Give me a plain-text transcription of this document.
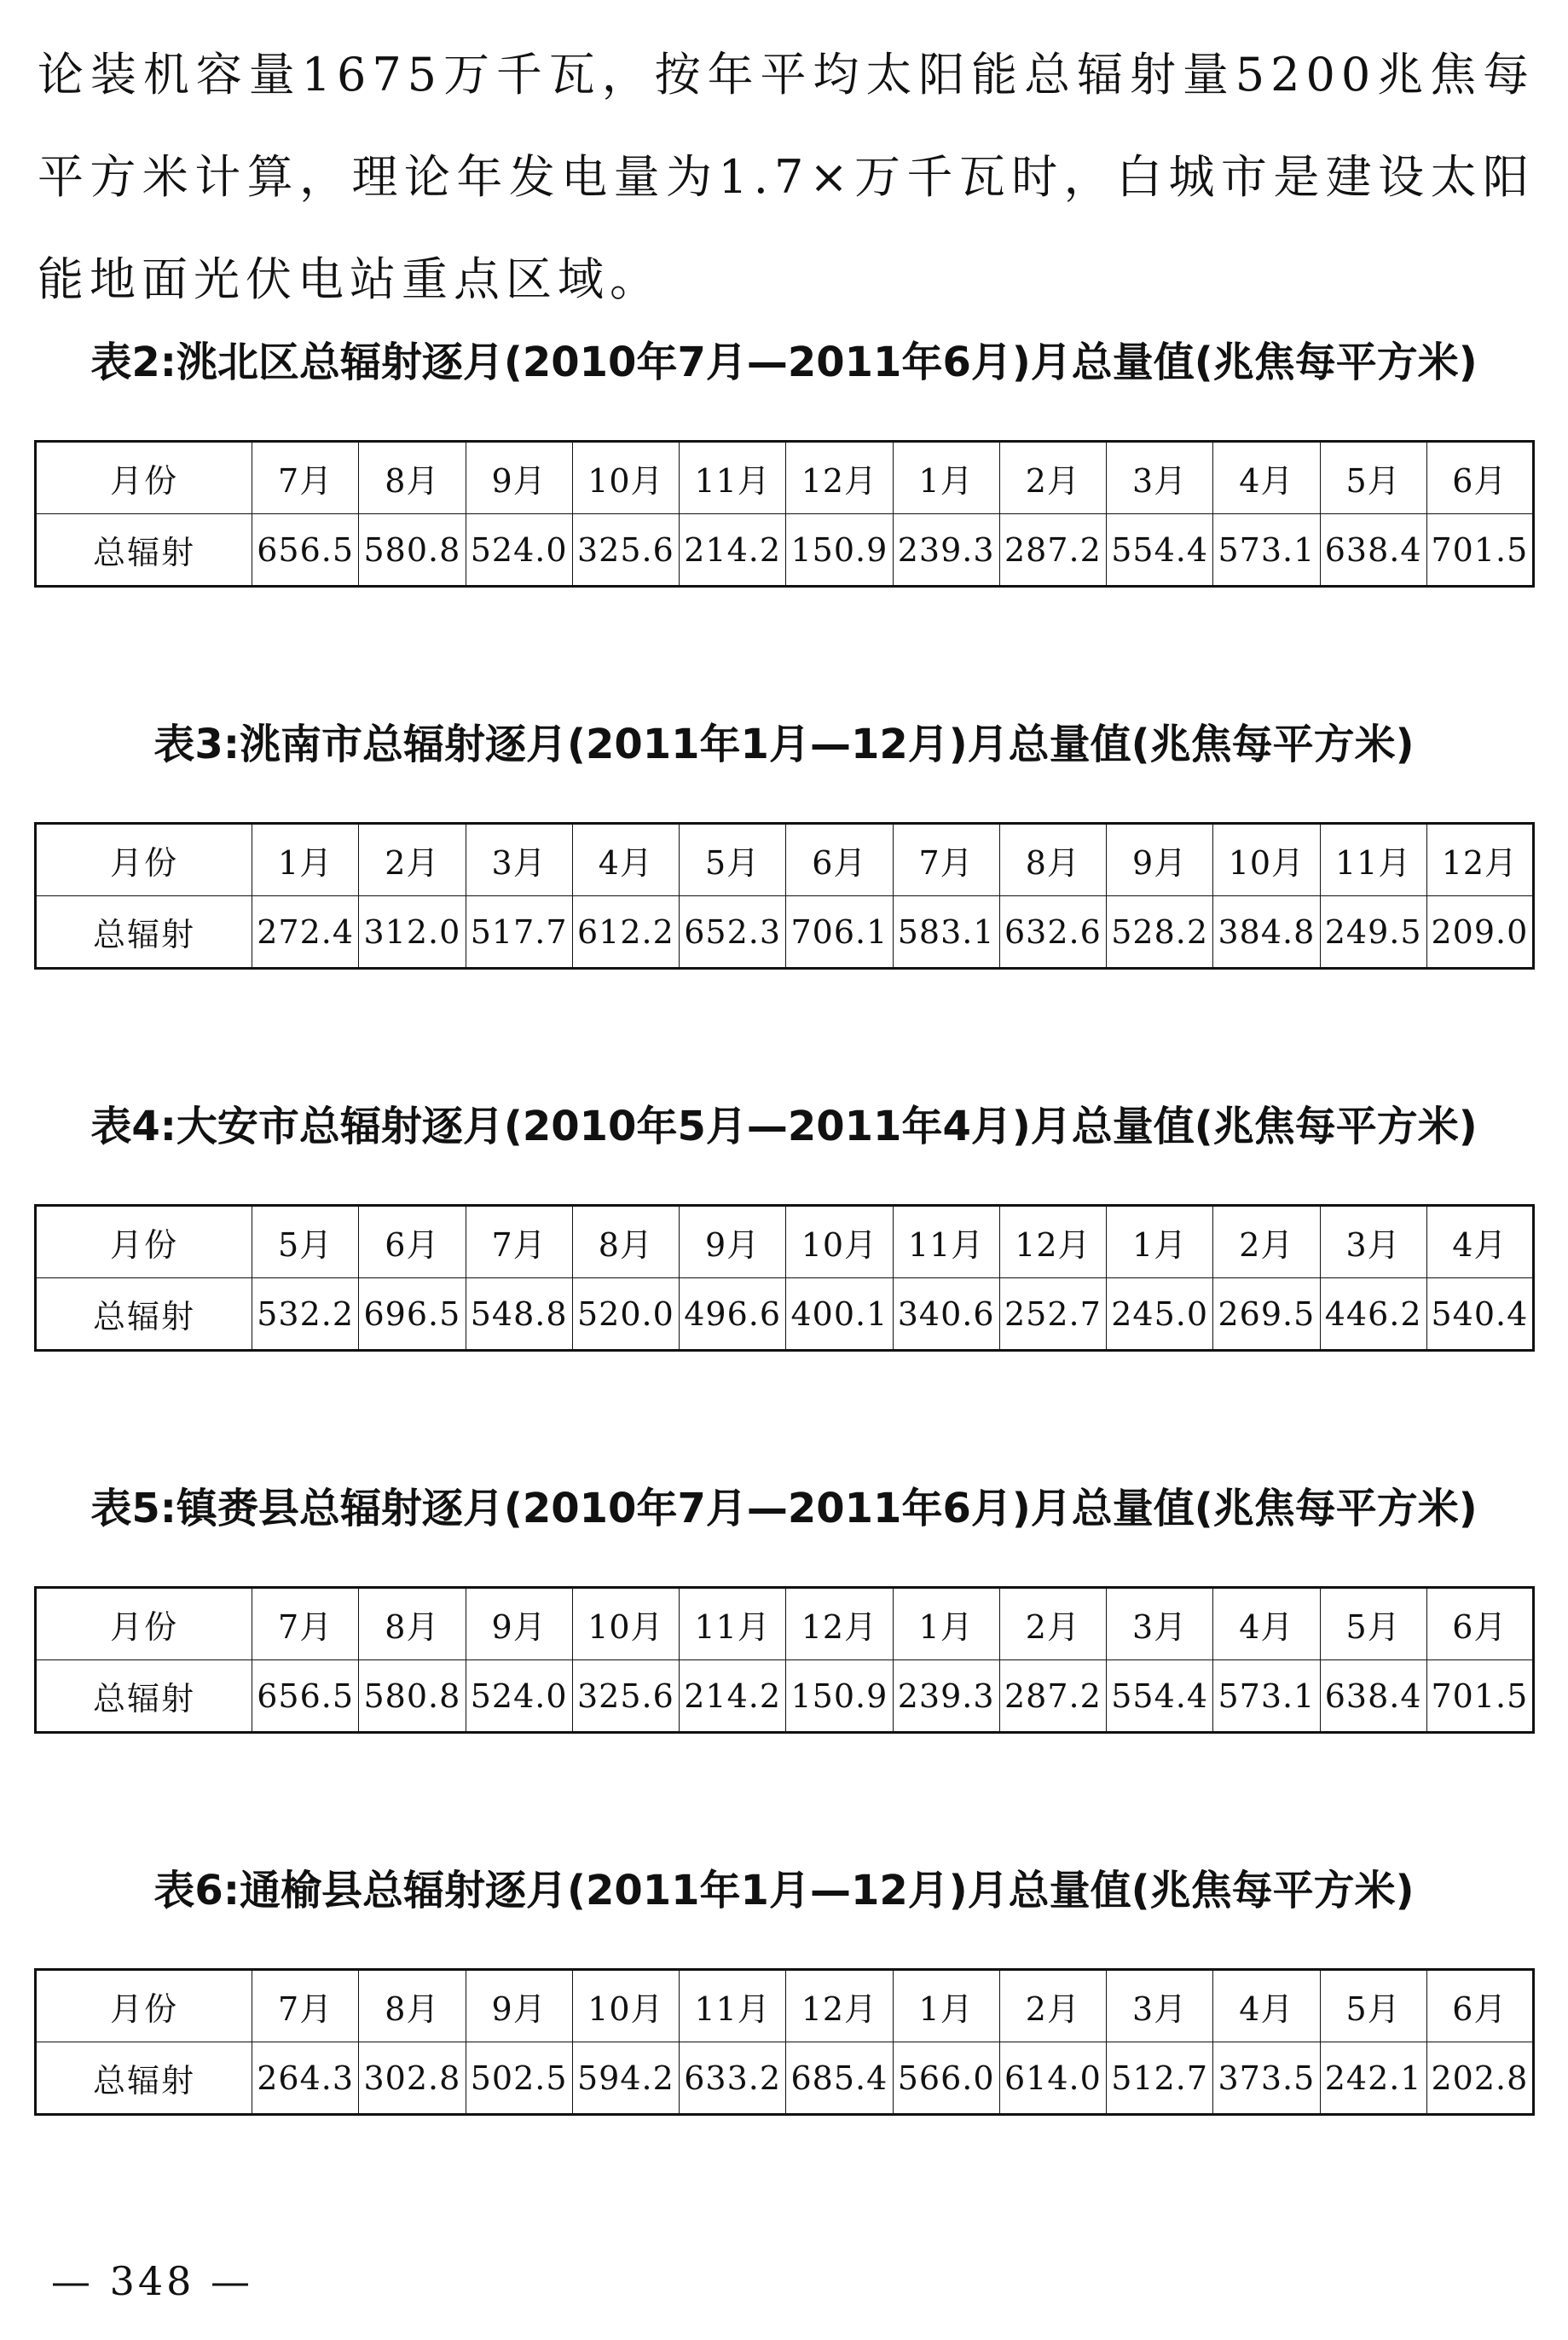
论装机容量1675万千瓦，按年平均太阳能总辐射量5200兆焦每平方米计算，理论年发电量为1.7×万千瓦时，白城市是建设太阳能地面光伏电站重点区域。

表2:洮北区总辐射逐月(2010年7月—2011年6月)月总量值(兆焦每平方米)
月份	7月	8月	9月	10月	11月	12月	1月	2月	3月	4月	5月	6月
总辐射	656.5	580.8	524.0	325.6	214.2	150.9	239.3	287.2	554.4	573.1	638.4	701.5
表3:洮南市总辐射逐月(2011年1月—12月)月总量值(兆焦每平方米)
月份	1月	2月	3月	4月	5月	6月	7月	8月	9月	10月	11月	12月
总辐射	272.4	312.0	517.7	612.2	652.3	706.1	583.1	632.6	528.2	384.8	249.5	209.0
表4:大安市总辐射逐月(2010年5月—2011年4月)月总量值(兆焦每平方米)
月份	5月	6月	7月	8月	9月	10月	11月	12月	1月	2月	3月	4月
总辐射	532.2	696.5	548.8	520.0	496.6	400.1	340.6	252.7	245.0	269.5	446.2	540.4
表5:镇赉县总辐射逐月(2010年7月—2011年6月)月总量值(兆焦每平方米)
月份	7月	8月	9月	10月	11月	12月	1月	2月	3月	4月	5月	6月
总辐射	656.5	580.8	524.0	325.6	214.2	150.9	239.3	287.2	554.4	573.1	638.4	701.5
表6:通榆县总辐射逐月(2011年1月—12月)月总量值(兆焦每平方米)
月份	7月	8月	9月	10月	11月	12月	1月	2月	3月	4月	5月	6月
总辐射	264.3	302.8	502.5	594.2	633.2	685.4	566.0	614.0	512.7	373.5	242.1	202.8
— 348 —
